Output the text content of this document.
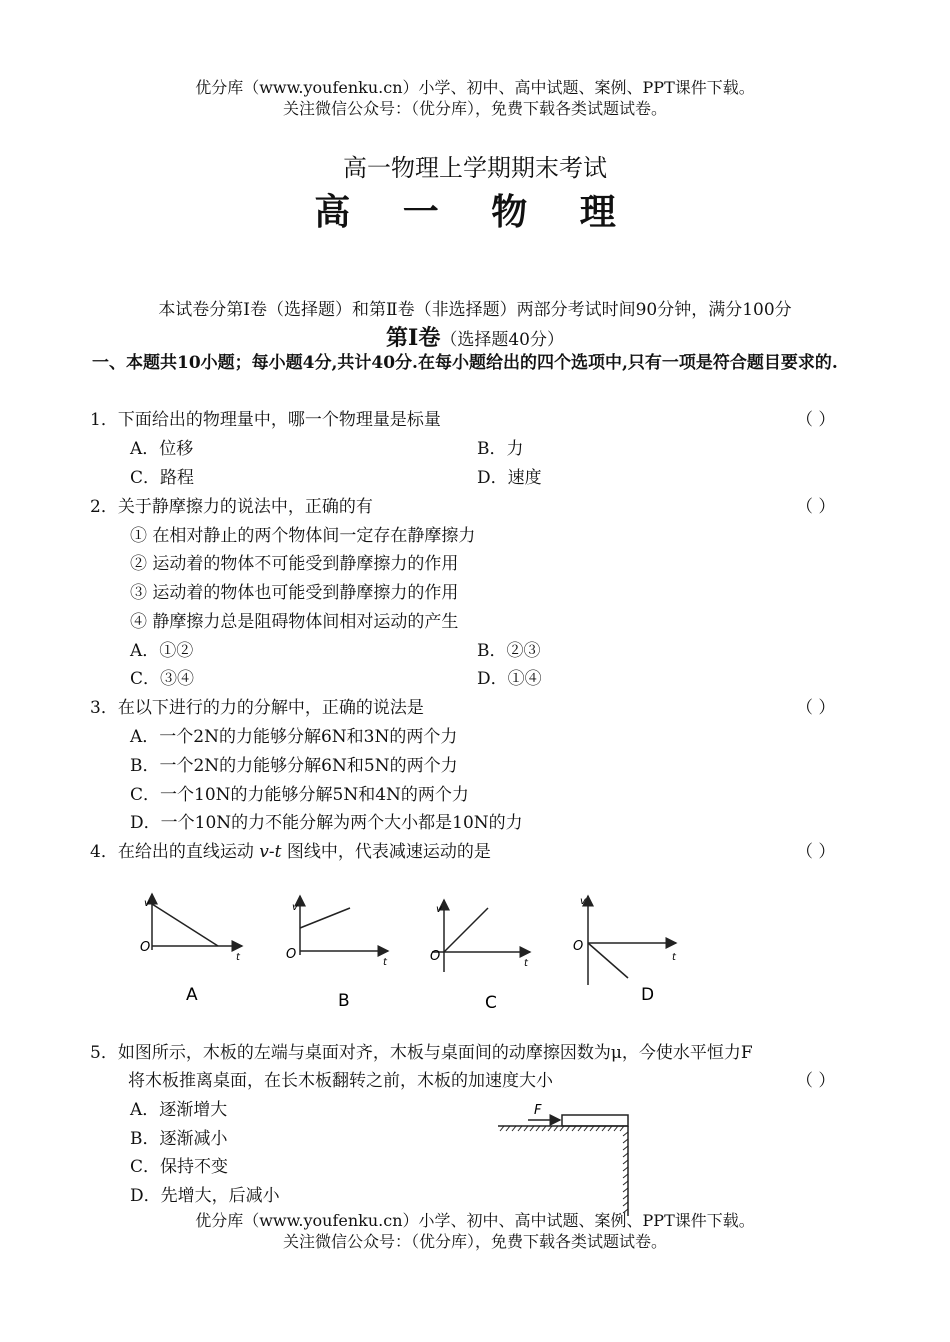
优分库（www.youfenku.cn）小学、初中、高中试题、案例、PPT课件下载。
关注微信公众号：（优分库），免费下载各类试题试卷。
高一物理上学期期末考试
高 一 物 理
本试卷分第Ⅰ卷（选择题）和第Ⅱ卷（非选择题）两部分考试时间90分钟，满分100分
第Ⅰ卷（选择题40分）
一、本题共10小题；每小题4分,共计40分.在每小题给出的四个选项中,只有一项是符合题目要求的.
1．下面给出的物理量中，哪一个物理量是标量	（ ）
A．位移	B．力
C．路程	D．速度
2．关于静摩擦力的说法中，正确的有	（ ）
① 在相对静止的两个物体间一定存在静摩擦力
② 运动着的物体不可能受到静摩擦力的作用
③ 运动着的物体也可能受到静摩擦力的作用
④ 静摩擦力总是阻碍物体间相对运动的产生
A．①②	B．②③
C．③④	D．①④
3．在以下进行的力的分解中，正确的说法是	（ ）
A．一个2N的力能够分解6N和3N的两个力
B．一个2N的力能够分解6N和5N的两个力
C．一个10N的力能够分解5N和4N的两个力
D．一个10N的力不能分解为两个大小都是10N的力
4．在给出的直线运动 v-t 图线中，代表减速运动的是	（ ）
v
O
t
A
v
O
t
B
v
O	t
C
v
O
t
D
5．如图所示，木板的左端与桌面对齐，木板与桌面间的动摩擦因数为μ，今使水平恒力F
将木板推离桌面，在长木板翻转之前，木板的加速度大小	（ ）
A．逐渐增大
B．逐渐减小
C．保持不变
D．先增大，后减小
F
优分库（www.youfenku.cn）小学、初中、高中试题、案例、PPT课件下载。
关注微信公众号：（优分库），免费下载各类试题试卷。
